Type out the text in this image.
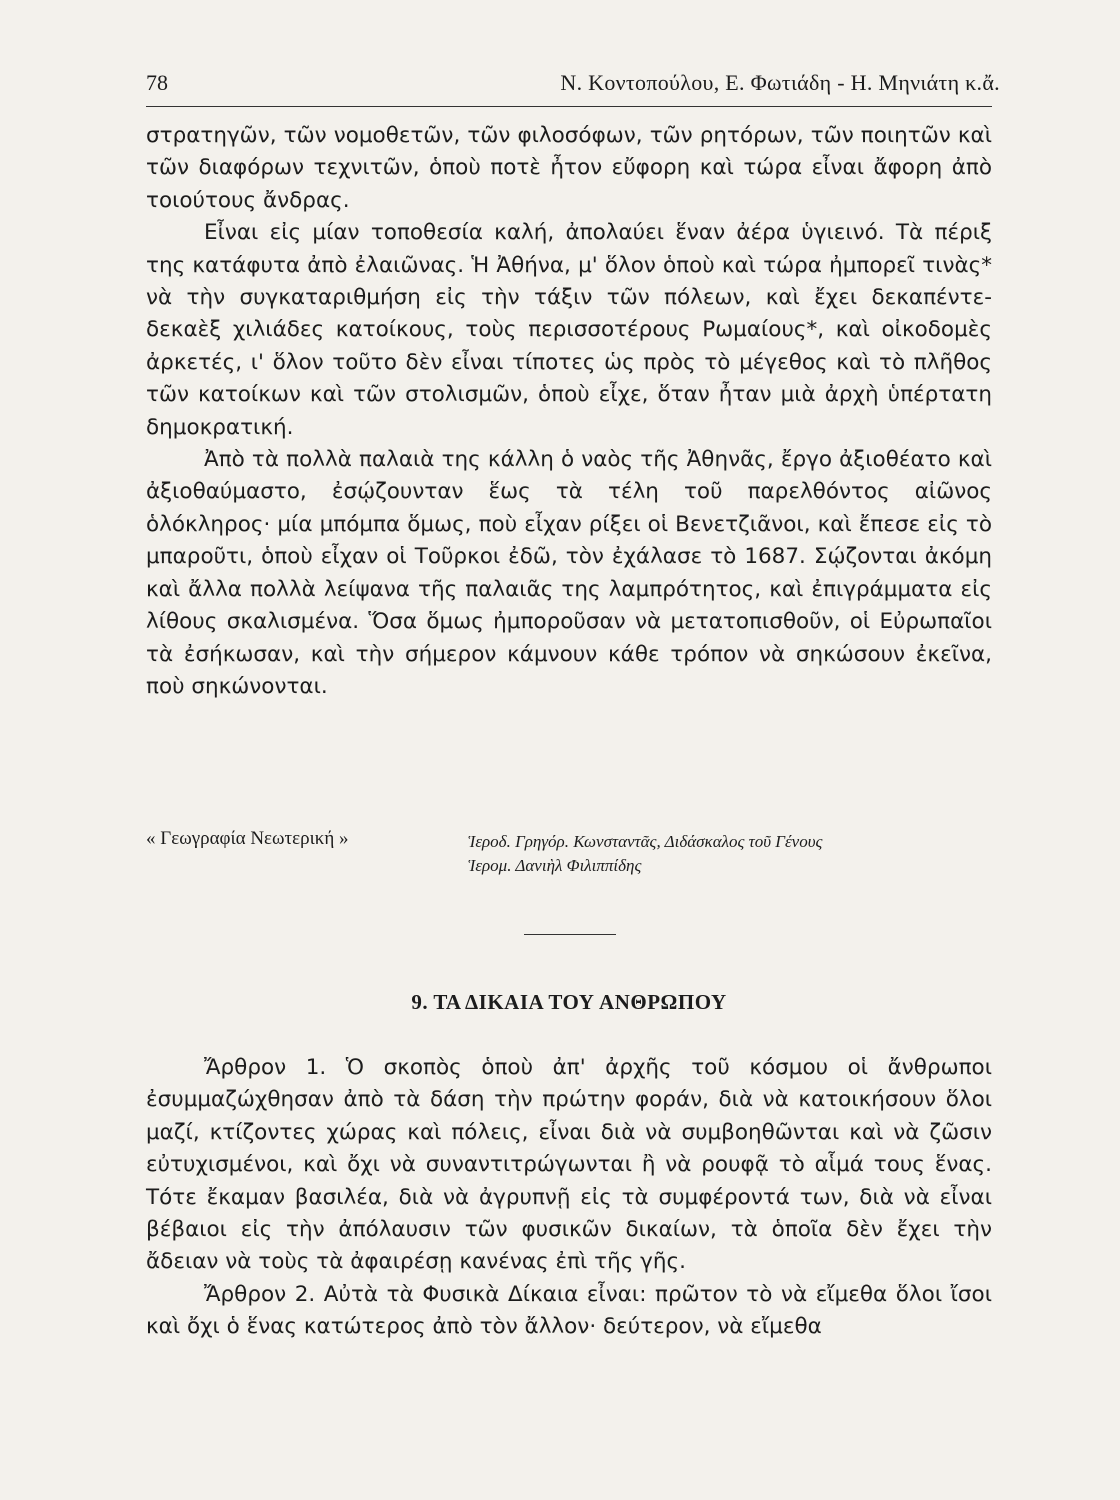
78	Ν. Κοντοπούλου, Ε. Φωτιάδη - Η. Μηνιάτη κ.ἄ.

στρατηγῶν, τῶν νομοθετῶν, τῶν φιλοσόφων, τῶν ρητόρων, τῶν ποιητῶν καὶ τῶν διαφόρων τεχνιτῶν, ὁποὺ ποτὲ ἦτον εὔφορη καὶ τώρα εἶναι ἄφορη ἀπὸ τοιούτους ἄνδρας.

Εἶναι εἰς μίαν τοποθεσία καλή, ἀπολαύει ἕναν ἀέρα ὑγιεινό. Τὰ πέριξ της κατάφυτα ἀπὸ ἐλαιῶνας. Ἡ Ἀθήνα, μ' ὅλον ὁποὺ καὶ τώρα ἠμπορεῖ τινὰς* νὰ τὴν συγκαταριθμήση εἰς τὴν τάξιν τῶν πόλεων, καὶ ἔχει δεκαπέντε-δεκαὲξ χιλιάδες κατοίκους, τοὺς περισσοτέρους Ρωμαίους*, καὶ οἰκοδομὲς ἀρκετές, ι' ὅλον τοῦτο δὲν εἶναι τίποτες ὡς πρὸς τὸ μέγεθος καὶ τὸ πλῆθος τῶν κατοίκων καὶ τῶν στολισμῶν, ὁποὺ εἶχε, ὅταν ἦταν μιὰ ἀρχὴ ὑπέρτατη δημοκρατική.

Ἀπὸ τὰ πολλὰ παλαιὰ της κάλλη ὁ ναὸς τῆς Ἀθηνᾶς, ἔργο ἀξιοθέατο καὶ ἀξιοθαύμαστο, ἐσῴζουνταν ἕως τὰ τέλη τοῦ παρελθόντος αἰῶνος ὁλόκληρος· μία μπόμπα ὅμως, ποὺ εἶχαν ρίξει οἱ Βενετζιᾶνοι, καὶ ἔπεσε εἰς τὸ μπαροῦτι, ὁποὺ εἶχαν οἱ Τοῦρκοι ἐδῶ, τὸν ἐχάλασε τὸ 1687. Σῴζονται ἀκόμη καὶ ἄλλα πολλὰ λείψανα τῆς παλαιᾶς της λαμπρότητος, καὶ ἐπιγράμματα εἰς λίθους σκαλισμένα. Ὅσα ὅμως ἠμποροῦσαν νὰ μετατοπισθοῦν, οἱ Εὐρωπαῖοι τὰ ἐσήκωσαν, καὶ τὴν σήμερον κάμνουν κάθε τρόπον νὰ σηκώσουν ἐκεῖνα, ποὺ σηκώνονται.

« Γεωγραφία Νεωτερική »	Ἱεροδ. Γρηγόρ. Κωνσταντᾶς, Διδάσκαλος τοῦ Γένους
Ἱερομ. Δανιὴλ Φιλιππίδης
9. ΤΑ ΔΙΚΑΙΑ ΤΟΥ ΑΝΘΡΩΠΟΥ

Ἄρθρον 1. Ὁ σκοπὸς ὁποὺ ἀπ' ἀρχῆς τοῦ κόσμου οἱ ἄνθρωποι ἐσυμμαζώχθησαν ἀπὸ τὰ δάση τὴν πρώτην φοράν, διὰ νὰ κατοικήσουν ὅλοι μαζί, κτίζοντες χώρας καὶ πόλεις, εἶναι διὰ νὰ συμβοηθῶνται καὶ νὰ ζῶσιν εὐτυχισμένοι, καὶ ὄχι νὰ συναντιτρώγωνται ἢ νὰ ρουφᾷ τὸ αἷμά τους ἕνας. Τότε ἔκαμαν βασιλέα, διὰ νὰ ἀγρυπνῇ εἰς τὰ συμφέροντά των, διὰ νὰ εἶναι βέβαιοι εἰς τὴν ἀπόλαυσιν τῶν φυσικῶν δικαίων, τὰ ὁποῖα δὲν ἔχει τὴν ἄδειαν νὰ τοὺς τὰ ἀφαιρέσῃ κανένας ἐπὶ τῆς γῆς.

Ἄρθρον 2. Αὐτὰ τὰ Φυσικὰ Δίκαια εἶναι: πρῶτον τὸ νὰ εἴμεθα ὅλοι ἴσοι καὶ ὄχι ὁ ἕνας κατώτερος ἀπὸ τὸν ἄλλον· δεύτερον, νὰ εἴμεθα
